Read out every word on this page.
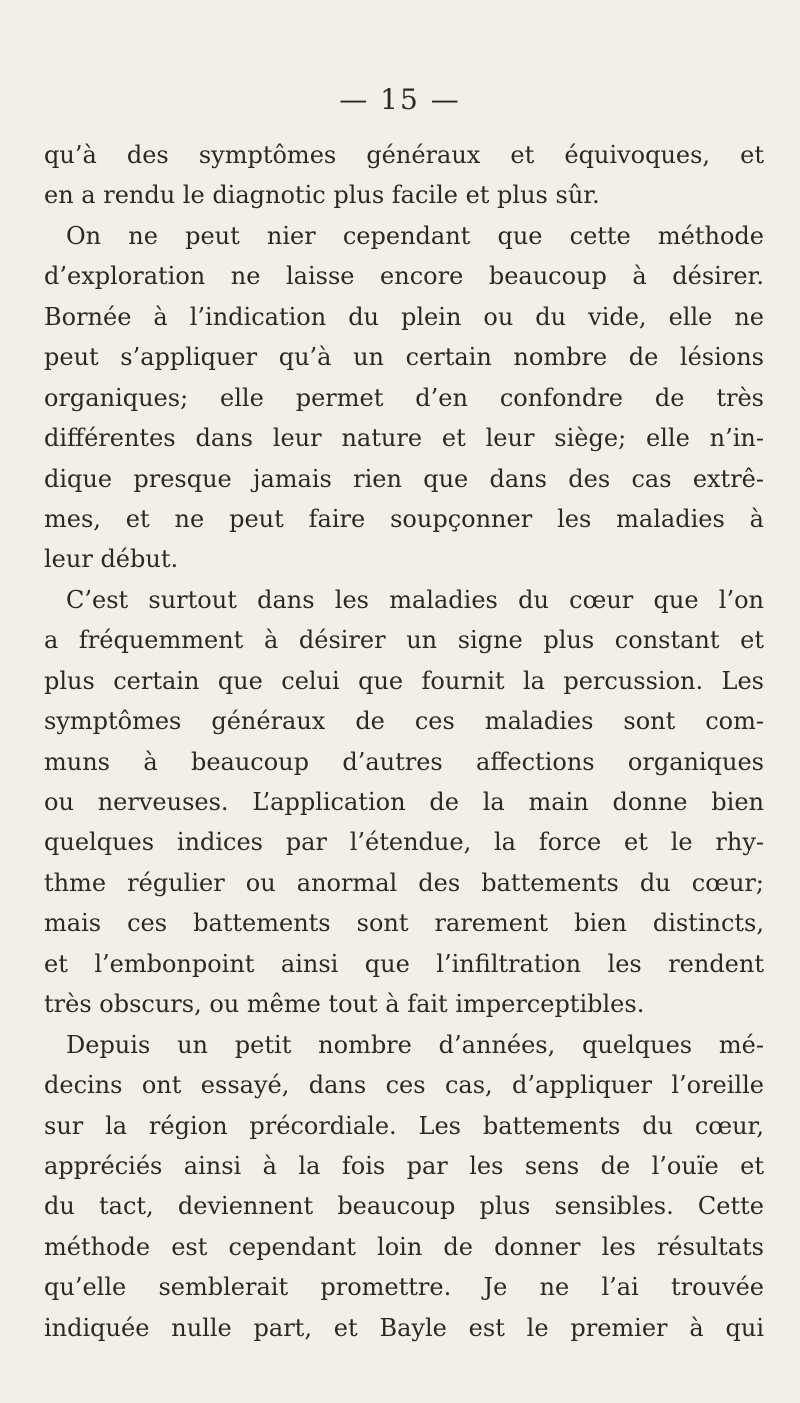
— 15 —
qu’à des symptômes généraux et équivoques, et
en a rendu le diagnotic plus facile et plus sûr.
On ne peut nier cependant que cette méthode
d’exploration ne laisse encore beaucoup à désirer.
Bornée à l’indication du plein ou du vide, elle ne
peut s’appliquer qu’à un certain nombre de lésions
organiques; elle permet d’en confondre de très
différentes dans leur nature et leur siège; elle n’in-
dique presque jamais rien que dans des cas extrê-
mes, et ne peut faire soupçonner les maladies à
leur début.
C’est surtout dans les maladies du cœur que l’on
a fréquemment à désirer un signe plus constant et
plus certain que celui que fournit la percussion. Les
symptômes généraux de ces maladies sont com-
muns à beaucoup d’autres affections organiques
ou nerveuses. L’application de la main donne bien
quelques indices par l’étendue, la force et le rhy-
thme régulier ou anormal des battements du cœur;
mais ces battements sont rarement bien distincts,
et l’embonpoint ainsi que l’infiltration les rendent
très obscurs, ou même tout à fait imperceptibles.
Depuis un petit nombre d’années, quelques mé-
decins ont essayé, dans ces cas, d’appliquer l’oreille
sur la région précordiale. Les battements du cœur,
appréciés ainsi à la fois par les sens de l’ouïe et
du tact, deviennent beaucoup plus sensibles. Cette
méthode est cependant loin de donner les résultats
qu’elle semblerait promettre. Je ne l’ai trouvée
indiquée nulle part, et Bayle est le premier à qui
